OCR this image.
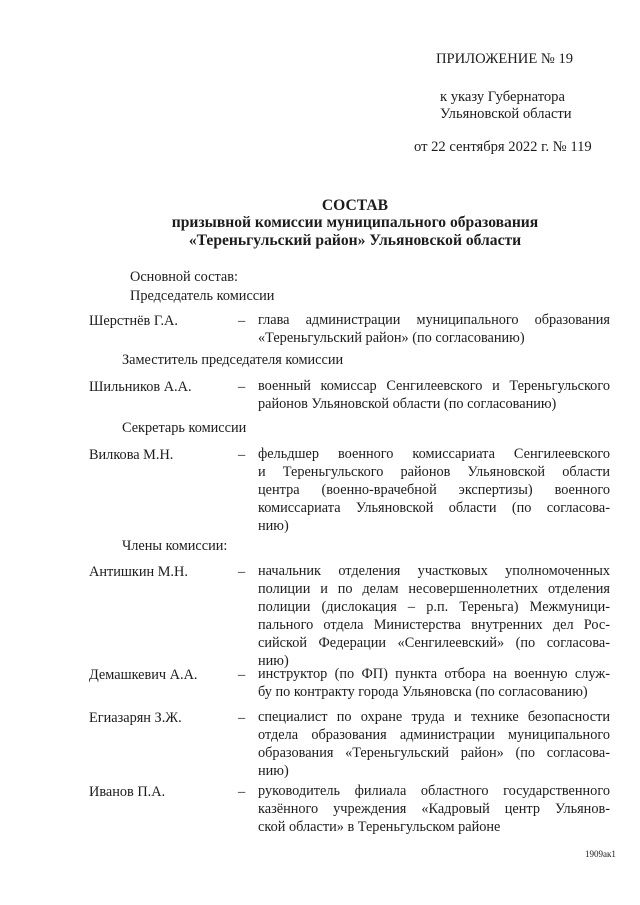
ПРИЛОЖЕНИЕ № 19
к указу Губернатора
Ульяновской области
от 22 сентября 2022 г. № 119
СОСТАВ
призывной комиссии муниципального образования
«Тереньгульский район» Ульяновской области
Основной состав:
Председатель комиссии
Шерстнёв Г.А.	– глава администрации муниципального образования
«Тереньгульский район» (по согласованию)
Заместитель председателя комиссии
Шильников А.А.	– военный комиссар Сенгилеевского и Тереньгульского
районов Ульяновской области (по согласованию)
Секретарь комиссии
Вилкова М.Н.	– фельдшер военного комиссариата Сенгилеевского
и Тереньгульского районов Ульяновской области
центра (военно-врачебной экспертизы) военного
комиссариата Ульяновской области (по согласова-
нию)
Члены комиссии:
Антишкин М.Н.	– начальник отделения участковых уполномоченных
полиции и по делам несовершеннолетних отделения
полиции (дислокация – р.п. Тереньга) Межмуници-
пального отдела Министерства внутренних дел Рос-
сийской Федерации «Сенгилеевский» (по согласова-
нию)
Демашкевич А.А.	– инструктор (по ФП) пункта отбора на военную служ-
бу по контракту города Ульяновска (по согласованию)
Егиазарян З.Ж.	– специалист по охране труда и технике безопасности
отдела образования администрации муниципального
образования «Тереньгульский район» (по согласова-
нию)
Иванов П.А.	– руководитель филиала областного государственного
казённого учреждения «Кадровый центр Ульянов-
ской области» в Тереньгульском районе
1909ак1
